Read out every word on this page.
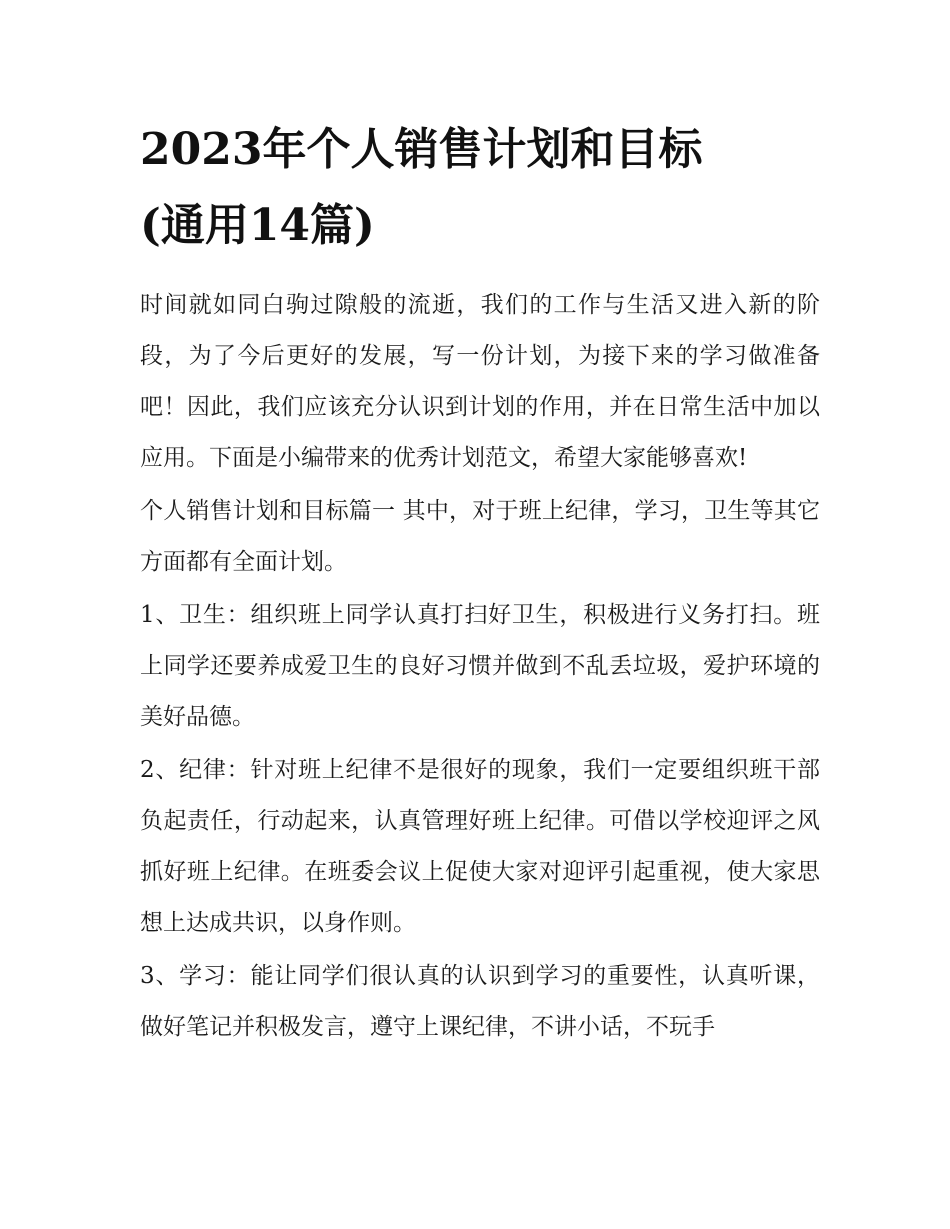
2023年个人销售计划和目标
(通用14篇)

时间就如同白驹过隙般的流逝，我们的工作与生活又进入新的阶段，为了今后更好的发展，写一份计划，为接下来的学习做准备吧！因此，我们应该充分认识到计划的作用，并在日常生活中加以应用。下面是小编带来的优秀计划范文，希望大家能够喜欢!

个人销售计划和目标篇一 其中，对于班上纪律，学习，卫生等其它方面都有全面计划。

1、卫生：组织班上同学认真打扫好卫生，积极进行义务打扫。班上同学还要养成爱卫生的良好习惯并做到不乱丢垃圾，爱护环境的美好品德。

2、纪律：针对班上纪律不是很好的现象，我们一定要组织班干部负起责任，行动起来，认真管理好班上纪律。可借以学校迎评之风抓好班上纪律。在班委会议上促使大家对迎评引起重视，使大家思想上达成共识，以身作则。

3、学习：能让同学们很认真的认识到学习的重要性，认真听课，做好笔记并积极发言，遵守上课纪律，不讲小话，不玩手
